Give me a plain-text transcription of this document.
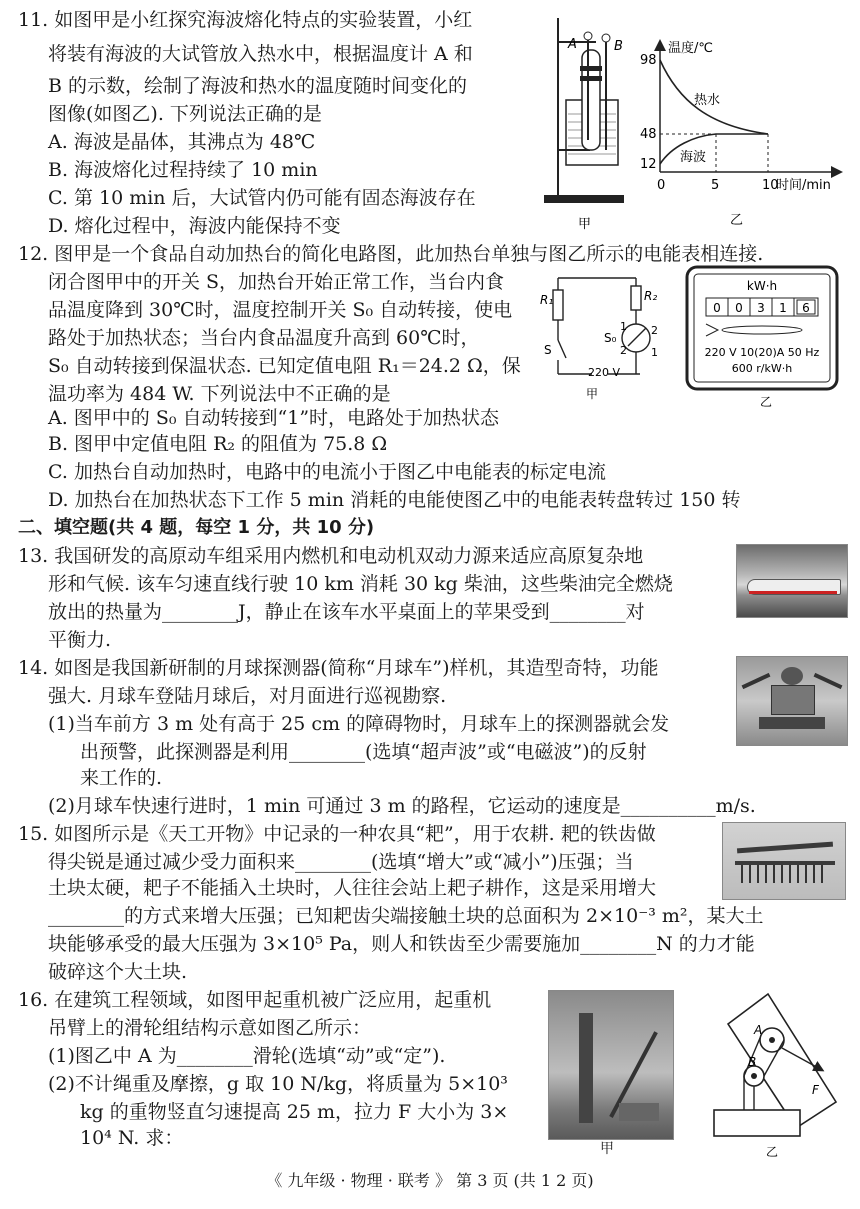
11. 如图甲是小红探究海波熔化特点的实验装置，小红
将装有海波的大试管放入热水中，根据温度计 A 和
B 的示数，绘制了海波和热水的温度随时间变化的
图像(如图乙). 下列说法正确的是
A. 海波是晶体，其沸点为 48℃
B. 海波熔化过程持续了 10 min
C. 第 10 min 后，大试管内仍可能有固态海波存在
D. 熔化过程中，海波内能保持不变
A	B
甲
温度/℃
时间/min
98
48
12
0	5	10
热水
海波
乙
12. 图甲是一个食品自动加热台的简化电路图，此加热台单独与图乙所示的电能表相连接.
闭合图甲中的开关 S，加热台开始正常工作，当台内食
品温度降到 30℃时，温度控制开关 S₀ 自动转接，使电
路处于加热状态；当台内食品温度升高到 60℃时，
S₀ 自动转接到保温状态. 已知定值电阻 R₁＝24.2 Ω，保
温功率为 484 W. 下列说法中不正确的是
A. 图甲中的 S₀ 自动转接到“1”时，电路处于加热状态
B. 图甲中定值电阻 R₂ 的阻值为 75.8 Ω
C. 加热台自动加热时，电路中的电流小于图乙中电能表的标定电流
D. 加热台在加热状态下工作 5 min 消耗的电能使图乙中的电能表转盘转过 150 转
R₁	R₂
S
S₀
1 2
2 1
220 V
甲
kW·h
0 0 3 1 6
220 V 10(20)A 50 Hz
600 r/kW·h
乙
二、填空题(共 4 题，每空 1 分，共 10 分)
13. 我国研发的高原动车组采用内燃机和电动机双动力源来适应高原复杂地
形和气候. 该车匀速直线行驶 10 km 消耗 30 kg 柴油，这些柴油完全燃烧
放出的热量为________J，静止在该车水平桌面上的苹果受到________对
平衡力.
14. 如图是我国新研制的月球探测器(简称“月球车”)样机，其造型奇特，功能
强大. 月球车登陆月球后，对月面进行巡视勘察.
(1)当车前方 3 m 处有高于 25 cm 的障碍物时，月球车上的探测器就会发
出预警，此探测器是利用________(选填“超声波”或“电磁波”)的反射
来工作的.
(2)月球车快速行进时，1 min 可通过 3 m 的路程，它运动的速度是__________m/s.
15. 如图所示是《天工开物》中记录的一种农具“耙”，用于农耕. 耙的铁齿做
得尖锐是通过减少受力面积来________(选填“增大”或“减小”)压强；当
土块太硬，耙子不能插入土块时，人往往会站上耙子耕作，这是采用增大
________的方式来增大压强；已知耙齿尖端接触土块的总面积为 2×10⁻³ m²，某大土
块能够承受的最大压强为 3×10⁵ Pa，则人和铁齿至少需要施加________N 的力才能
破碎这个大土块.
16. 在建筑工程领域，如图甲起重机被广泛应用，起重机
吊臂上的滑轮组结构示意如图乙所示：
(1)图乙中 A 为________滑轮(选填“动”或“定”).
(2)不计绳重及摩擦，g 取 10 N/kg，将质量为 5×10³
kg 的重物竖直匀速提高 25 m，拉力 F 大小为 3×
10⁴ N. 求：	甲
A
B
F
乙
《 九年级 · 物理 · 联考 》 第 3 页 (共 1 2 页)
